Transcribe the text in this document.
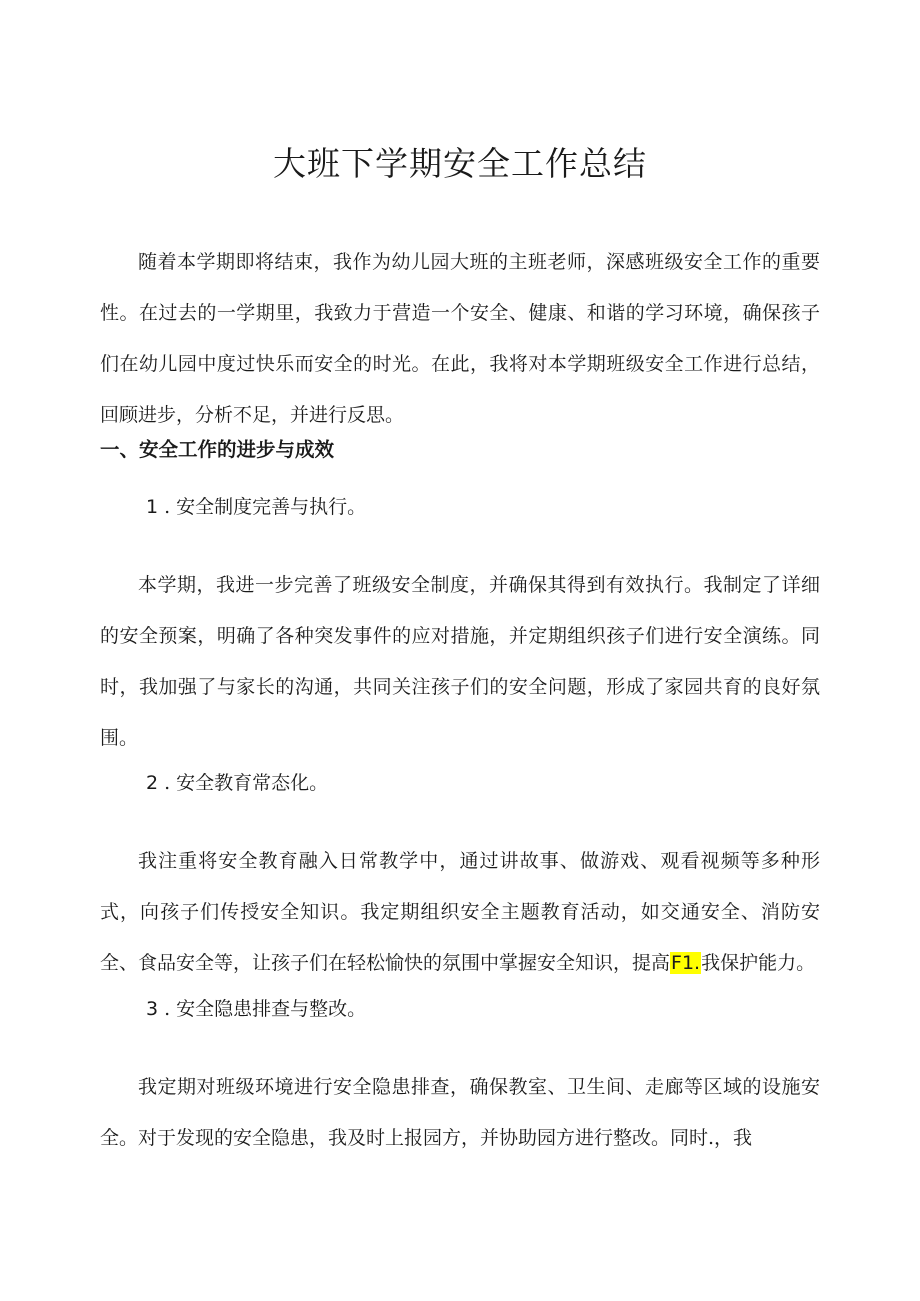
大班下学期安全工作总结

随着本学期即将结束，我作为幼儿园大班的主班老师，深感班级安全工作的重要性。在过去的一学期里，我致力于营造一个安全、健康、和谐的学习环境，确保孩子们在幼儿园中度过快乐而安全的时光。在此，我将对本学期班级安全工作进行总结，回顾进步，分析不足，并进行反思。

一、安全工作的进步与成效

1 . 安全制度完善与执行。

本学期，我进一步完善了班级安全制度，并确保其得到有效执行。我制定了详细的安全预案，明确了各种突发事件的应对措施，并定期组织孩子们进行安全演练。同时，我加强了与家长的沟通，共同关注孩子们的安全问题，形成了家园共育的良好氛围。

2 . 安全教育常态化。

我注重将安全教育融入日常教学中，通过讲故事、做游戏、观看视频等多种形式，向孩子们传授安全知识。我定期组织安全主题教育活动，如交通安全、消防安全、食品安全等，让孩子们在轻松愉快的氛围中掌握安全知识，提高F1.我保护能力。

3 . 安全隐患排查与整改。

我定期对班级环境进行安全隐患排查，确保教室、卫生间、走廊等区域的设施安全。对于发现的安全隐患，我及时上报园方，并协助园方进行整改。同时.，我
